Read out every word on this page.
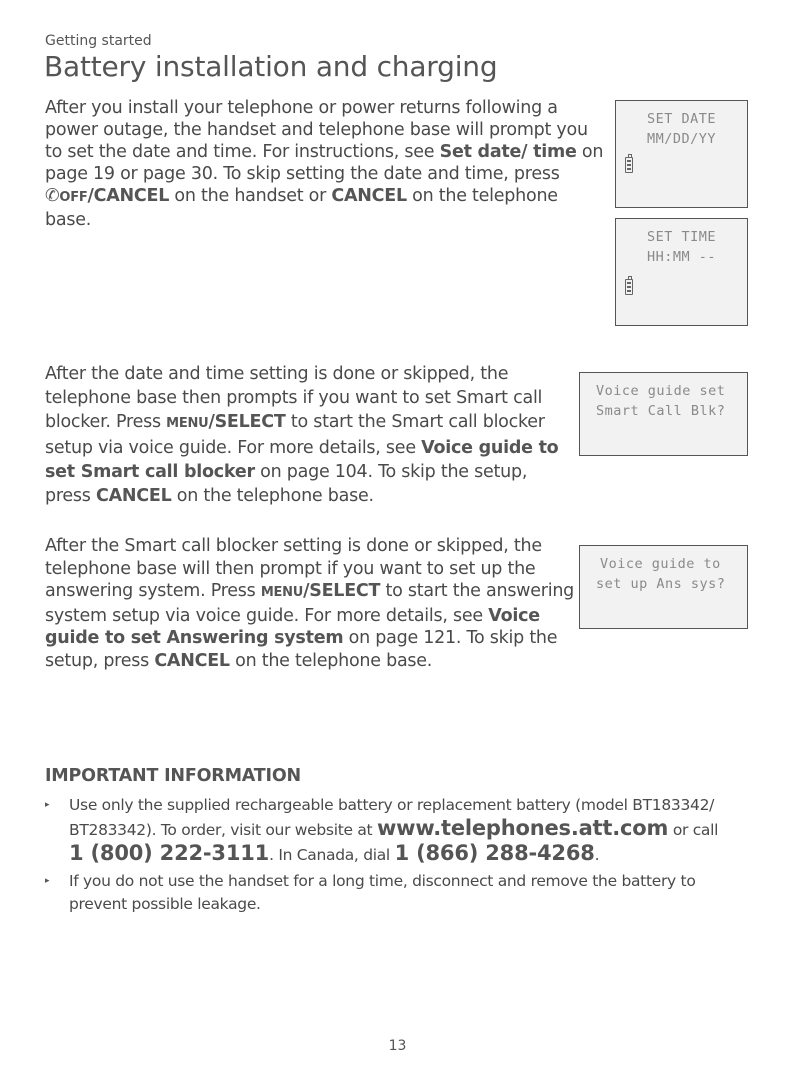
Getting started
Battery installation and charging

After you install your telephone or power returns following a power outage, the handset and telephone base will prompt you to set the date and time. For instructions, see Set date/ time on page 19 or page 30. To skip setting the date and time, press ✆OFF/CANCEL on the handset or CANCEL on the telephone base.

SET DATE
MM/DD/YY
SET TIME
HH:MM --

After the date and time setting is done or skipped, the telephone base then prompts if you want to set Smart call blocker. Press MENU/SELECT to start the Smart call blocker setup via voice guide. For more details, see Voice guide to set Smart call blocker on page 104. To skip the setup, press CANCEL on the telephone base.

Voice guide set
Smart Call Blk?

After the Smart call blocker setting is done or skipped, the telephone base will then prompt if you want to set up the answering system. Press MENU/SELECT to start the answering system setup via voice guide. For more details, see Voice guide to set Answering system on page 121. To skip the setup, press CANCEL on the telephone base.

Voice guide to
set up Ans sys?
IMPORTANT INFORMATION
▸ Use only the supplied rechargeable battery or replacement battery (model BT183342/ BT283342). To order, visit our website at www.telephones.att.com or call
1 (800) 222-3111. In Canada, dial 1 (866) 288-4268.
▸ If you do not use the handset for a long time, disconnect and remove the battery to prevent possible leakage.
13
